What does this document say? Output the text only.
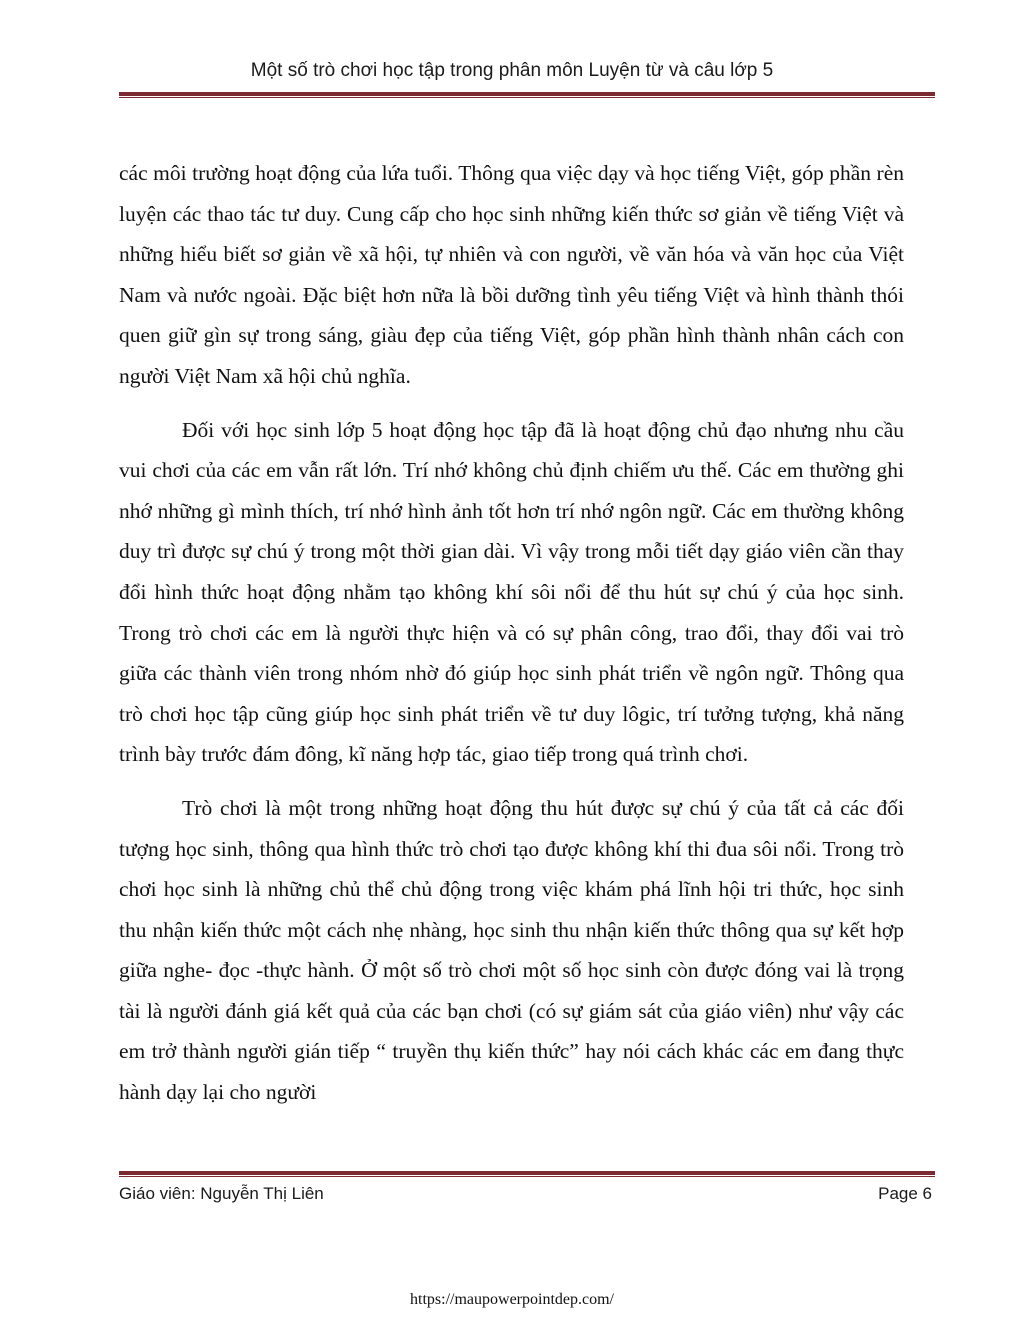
Một số trò chơi học tập trong phân môn Luyện từ và câu lớp 5

các môi trường hoạt động của lứa tuổi. Thông qua việc dạy và học tiếng Việt, góp phần rèn luyện các thao tác tư duy. Cung cấp cho học sinh những kiến thức sơ giản về tiếng Việt và những hiểu biết sơ giản về xã hội, tự nhiên và con người, về văn hóa và văn học của Việt Nam và nước ngoài. Đặc biệt hơn nữa là bồi dưỡng tình yêu tiếng Việt và hình thành thói quen giữ gìn sự trong sáng, giàu đẹp của tiếng Việt, góp phần hình thành nhân cách con người Việt Nam xã hội chủ nghĩa.

Đối với học sinh lớp 5 hoạt động học tập đã là hoạt động chủ đạo nhưng nhu cầu vui chơi của các em vẫn rất lớn. Trí nhớ không chủ định chiếm ưu thế. Các em thường ghi nhớ những gì mình thích, trí nhớ hình ảnh tốt hơn trí nhớ ngôn ngữ. Các em thường không duy trì được sự chú ý trong một thời gian dài. Vì vậy trong mỗi tiết dạy giáo viên cần thay đổi hình thức hoạt động nhằm tạo không khí sôi nổi để thu hút sự chú ý của học sinh. Trong trò chơi các em là người thực hiện và có sự phân công, trao đổi, thay đổi vai trò giữa các thành viên trong nhóm nhờ đó giúp học sinh phát triển về ngôn ngữ. Thông qua trò chơi học tập cũng giúp học sinh phát triển về tư duy lôgic, trí tưởng tượng, khả năng trình bày trước đám đông, kĩ năng hợp tác, giao tiếp trong quá trình chơi.

Trò chơi là một trong những hoạt động thu hút được sự chú ý của tất cả các đối tượng học sinh, thông qua hình thức trò chơi tạo được không khí thi đua sôi nổi. Trong trò chơi học sinh là những chủ thể chủ động trong việc khám phá lĩnh hội tri thức, học sinh thu nhận kiến thức một cách nhẹ nhàng, học sinh thu nhận kiến thức thông qua sự kết hợp giữa nghe- đọc -thực hành. Ở một số trò chơi một số học sinh còn được đóng vai là trọng tài là người đánh giá kết quả của các bạn chơi (có sự giám sát của giáo viên) như vậy các em trở thành người gián tiếp “ truyền thụ kiến thức” hay nói cách khác các em đang thực hành dạy lại cho người

Giáo viên: Nguyễn Thị Liên	Page 6
https://maupowerpointdep.com/
